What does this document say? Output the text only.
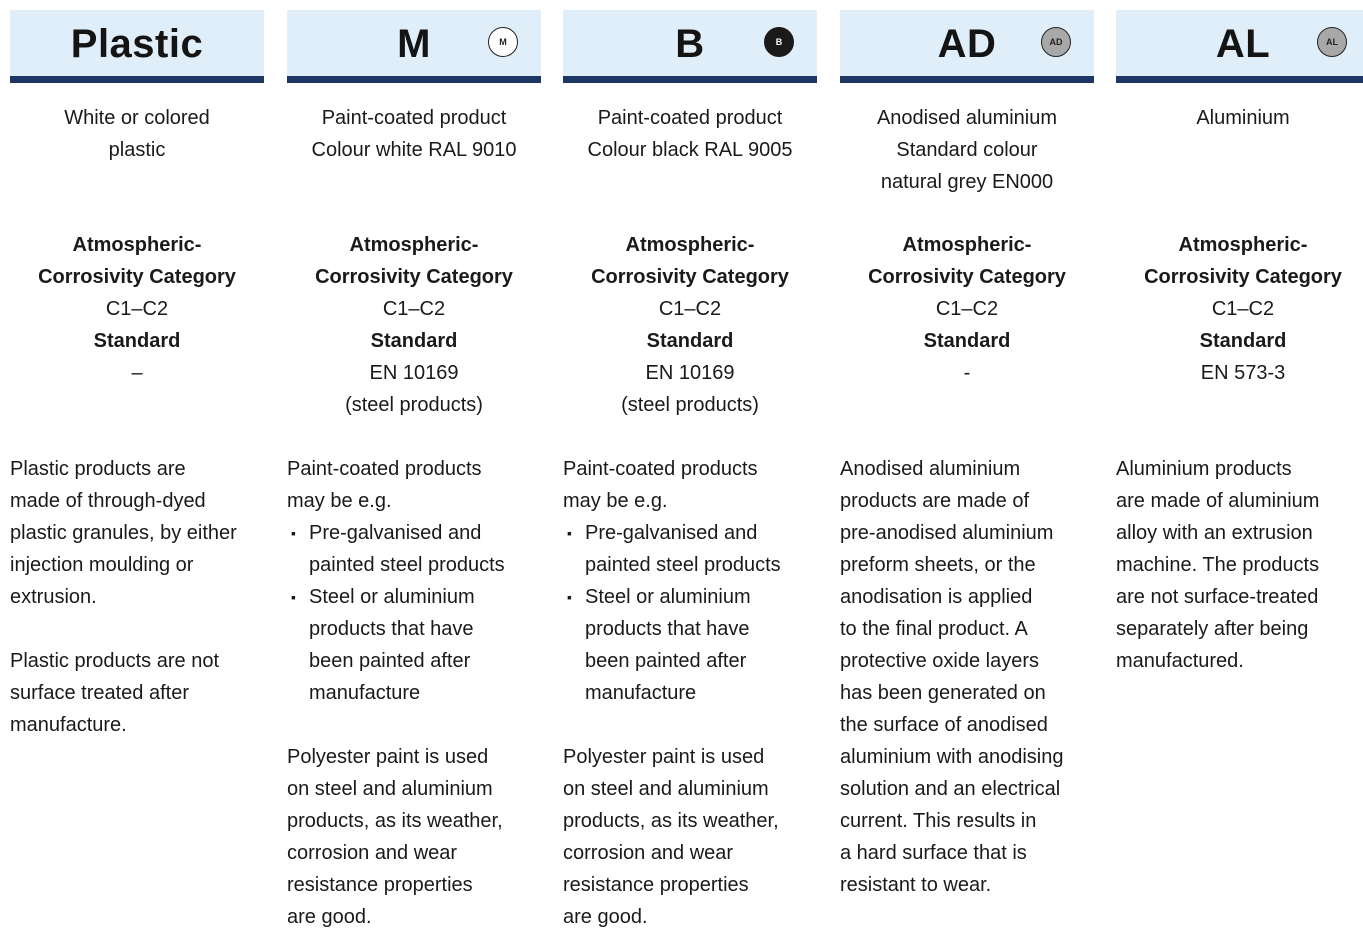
Plastic
White or colored
plastic
Atmospheric-
Corrosivity Category
C1–C2
Standard
–

Plastic products are
made of through-dyed
plastic granules, by either
injection moulding or
extrusion.

Plastic products are not
surface treated after
manufacture.

M	M
Paint-coated product
Colour white RAL 9010
Atmospheric-
Corrosivity Category
C1–C2
Standard
EN 10169
(steel products)

Paint-coated products
may be e.g.

▪ Pre-galvanised and
painted steel products
▪ Steel or aluminium
products that have
been painted after
manufacture

Polyester paint is used
on steel and aluminium
products, as its weather,
corrosion and wear
resistance properties
are good.

B	B
Paint-coated product
Colour black RAL 9005
Atmospheric-
Corrosivity Category
C1–C2
Standard
EN 10169
(steel products)

Paint-coated products
may be e.g.

▪ Pre-galvanised and
painted steel products
▪ Steel or aluminium
products that have
been painted after
manufacture

Polyester paint is used
on steel and aluminium
products, as its weather,
corrosion and wear
resistance properties
are good.

AD	AD
Anodised aluminium
Standard colour
natural grey EN000
Atmospheric-
Corrosivity Category
C1–C2
Standard
-

Anodised aluminium
products are made of
pre-anodised aluminium
preform sheets, or the
anodisation is applied
to the final product. A
protective oxide layers
has been generated on
the surface of anodised
aluminium with anodising
solution and an electrical
current. This results in
a hard surface that is
resistant to wear.

AL	AL
Aluminium
Atmospheric-
Corrosivity Category
C1–C2
Standard
EN 573-3

Aluminium products
are made of aluminium
alloy with an extrusion
machine. The products
are not surface-treated
separately after being
manufactured.
